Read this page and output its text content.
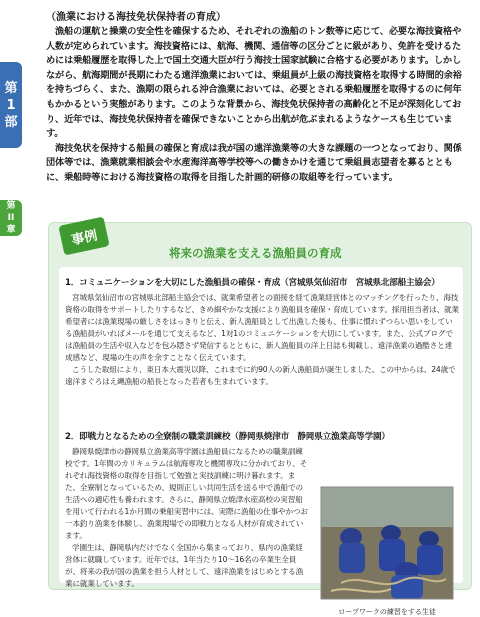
第
1
部
第
II
章
（漁業における海技免状保持者の育成）

漁船の運航と操業の安全性を確保するため、それぞれの漁船のトン数等に応じて、必要な海技資格や人数が定められています。海技資格には、航海、機関、通信等の区分ごとに級があり、免許を受けるためには乗船履歴を取得した上で国土交通大臣が行う海技士国家試験に合格する必要があります。しかしながら、航海期間が長期にわたる遠洋漁業においては、乗組員が上級の海技資格を取得する時間的余裕を持ちづらく、また、漁期の限られる沖合漁業においては、必要とされる乗船履歴を取得するのに何年もかかるという実態があります。このような背景から、海技免状保持者の高齢化と不足が深刻化しており、近年では、海技免状保持者を確保できないことから出航が危ぶまれるようなケースも生じています。

海技免状を保持する船員の確保と育成は我が国の遠洋漁業等の大きな課題の一つとなっており、関係団体等では、漁業就業相談会や水産海洋高等学校等への働きかけを通じて乗組員志望者を募るとともに、乗船時等における海技資格の取得を目指した計画的研修の取組等を行っています。

事例
将来の漁業を支える漁船員の育成
1．コミュニケーションを大切にした漁船員の確保・育成（宮城県気仙沼市　宮城県北部船主協会）

宮城県気仙沼市の宮城県北部船主協会では、就業希望者との面接を経て漁業経営体とのマッチングを行ったり、海技資格の取得をサポートしたりするなど、きめ細やかな支援により漁船員を確保・育成しています。採用担当者は、就業希望者には漁業現場の厳しさをはっきりと伝え、新人漁船員として出漁した後も、仕事に慣れずつらい思いをしている漁船員がいればメールを通じて支えるなど、1対1のコミュニケーションを大切にしています。また、公式ブログでは漁船員の生活や収入などを包み隠さず発信するとともに、新人漁船員の洋上日誌も掲載し、遠洋漁業の過酷さと達成感など、現場の生の声を余すことなく伝えています。

こうした取組により、東日本大震災以降、これまでに約90人の新人漁船員が誕生しました。この中からは、24歳で遠洋まぐろはえ縄漁船の船長となった若者も生まれています。

2．即戦力となるための全寮制の職業訓練校（静岡県焼津市　静岡県立漁業高等学園）

静岡県焼津市の静岡県立漁業高等学園は漁船員になるための職業訓練校です。1年間のカリキュラムは航海専攻と機関専攻に分かれており、それぞれ海技資格の取得を目指して勉強と実技訓練に明け暮れます。また、全寮制となっているため、規則正しい共同生活を送る中で漁船での生活への適応性も養われます。さらに、静岡県立焼津水産高校の実習船を用いて行われる1か月間の乗船実習中には、実際に漁船の仕事やかつお一本釣り漁業を体験し、漁業現場での即戦力となる人材が育成されています。

学園生は、静岡県内だけでなく全国から集まっており、県内の漁業経営体に就職しています。近年では、1年当たり10〜16名の卒業生全員が、将来の我が国の漁業を担う人材として、遠洋漁業をはじめとする漁業に就業しています。

ロープワークの練習をする生徒
